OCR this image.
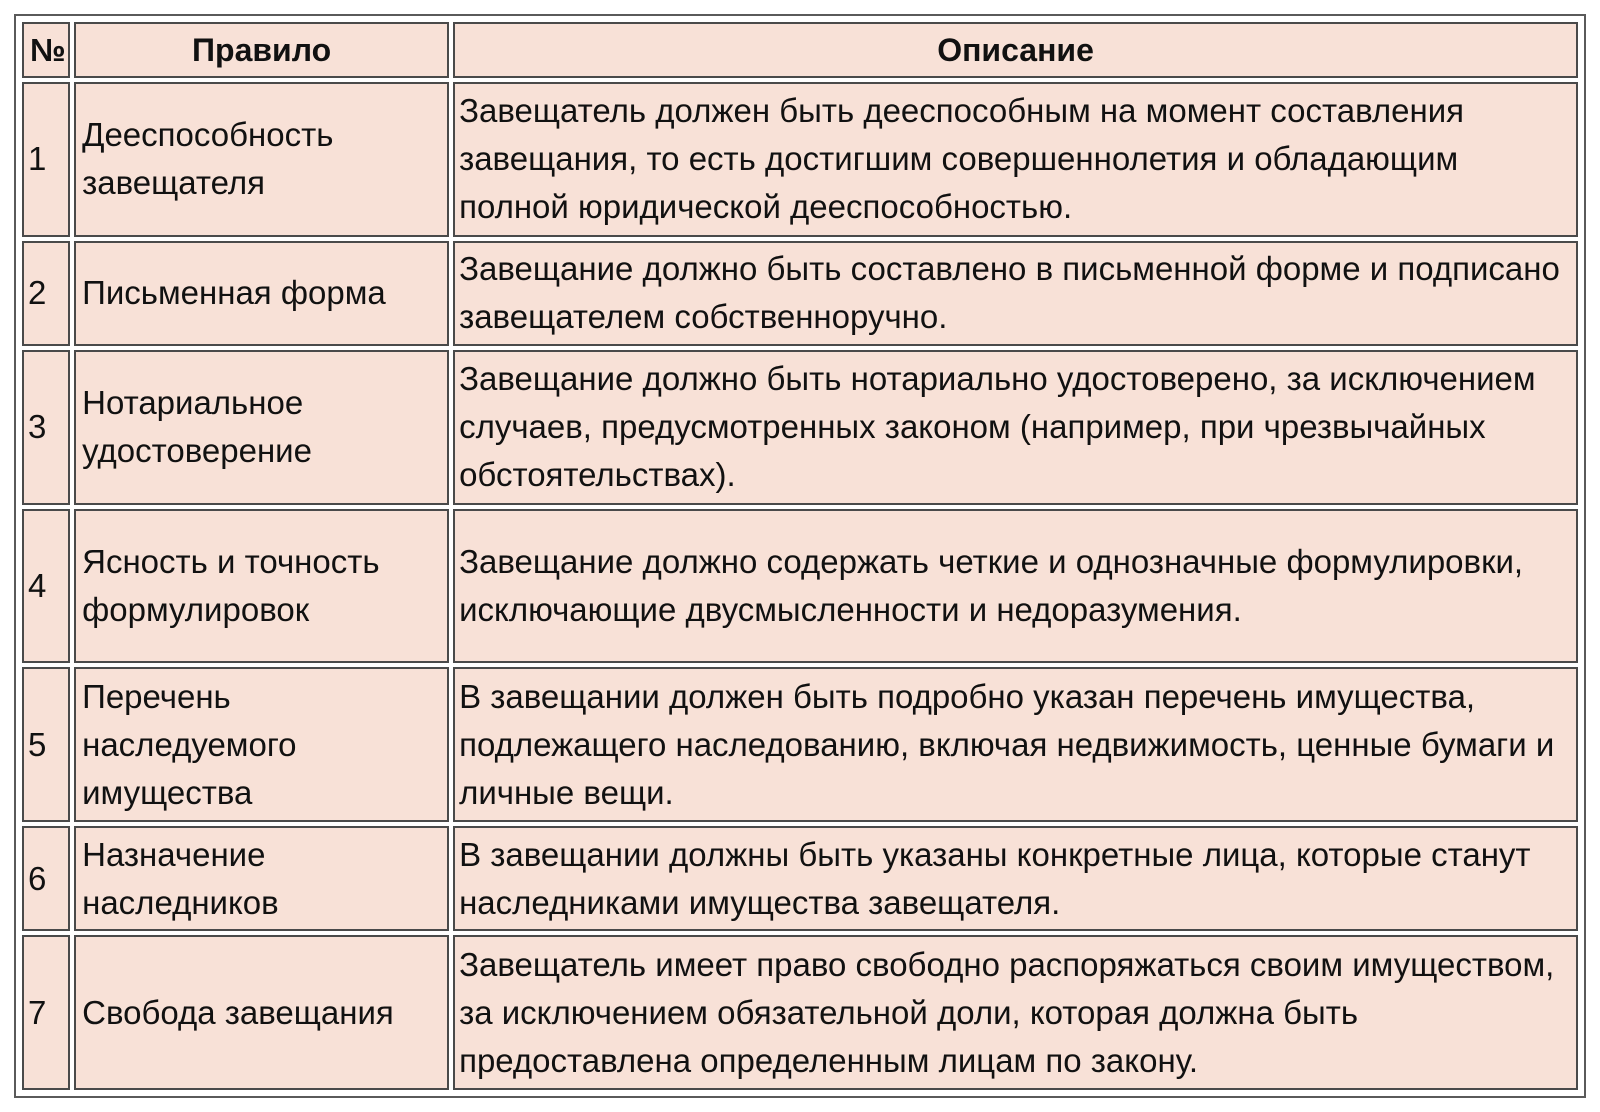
№	Правило	Описание
1	Дееспособность завещателя	Завещатель должен быть дееспособным на момент составления завещания, то есть достигшим совершеннолетия и обладающим полной юридической дееспособностью.
2	Письменная форма	Завещание должно быть составлено в письменной форме и подписано завещателем собственноручно.
3	Нотариальное удостоверение	Завещание должно быть нотариально удостоверено, за исключением случаев, предусмотренных законом (например, при чрезвычайных обстоятельствах).
4	Ясность и точность формулировок	Завещание должно содержать четкие и однозначные формулировки, исключающие двусмысленности и недоразумения.
5	Перечень наследуемого имущества	В завещании должен быть подробно указан перечень имущества, подлежащего наследованию, включая недвижимость, ценные бумаги и личные вещи.
6	Назначение наследников	В завещании должны быть указаны конкретные лица, которые станут наследниками имущества завещателя.
7	Свобода завещания	Завещатель имеет право свободно распоряжаться своим имуществом, за исключением обязательной доли, которая должна быть предоставлена определенным лицам по закону.
